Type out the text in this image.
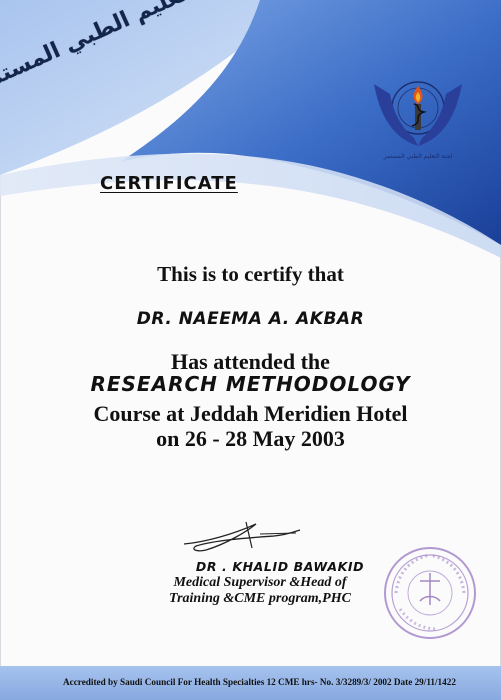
لجنة التعليم الطبي المستمر
CERTIFICATE
This is to certify that
DR. NAEEMA A. AKBAR
Has attended the
RESEARCH METHODOLOGY
Course at Jeddah Meridien Hotel
on 26 - 28 May 2003
DR . KHALID BAWAKID
Medical Supervisor &Head of
Training &CME program,PHC
Accredited by Saudi Council For Health Specialties 12 CME hrs- No. 3/3289/3/ 2002 Date 29/11/1422
